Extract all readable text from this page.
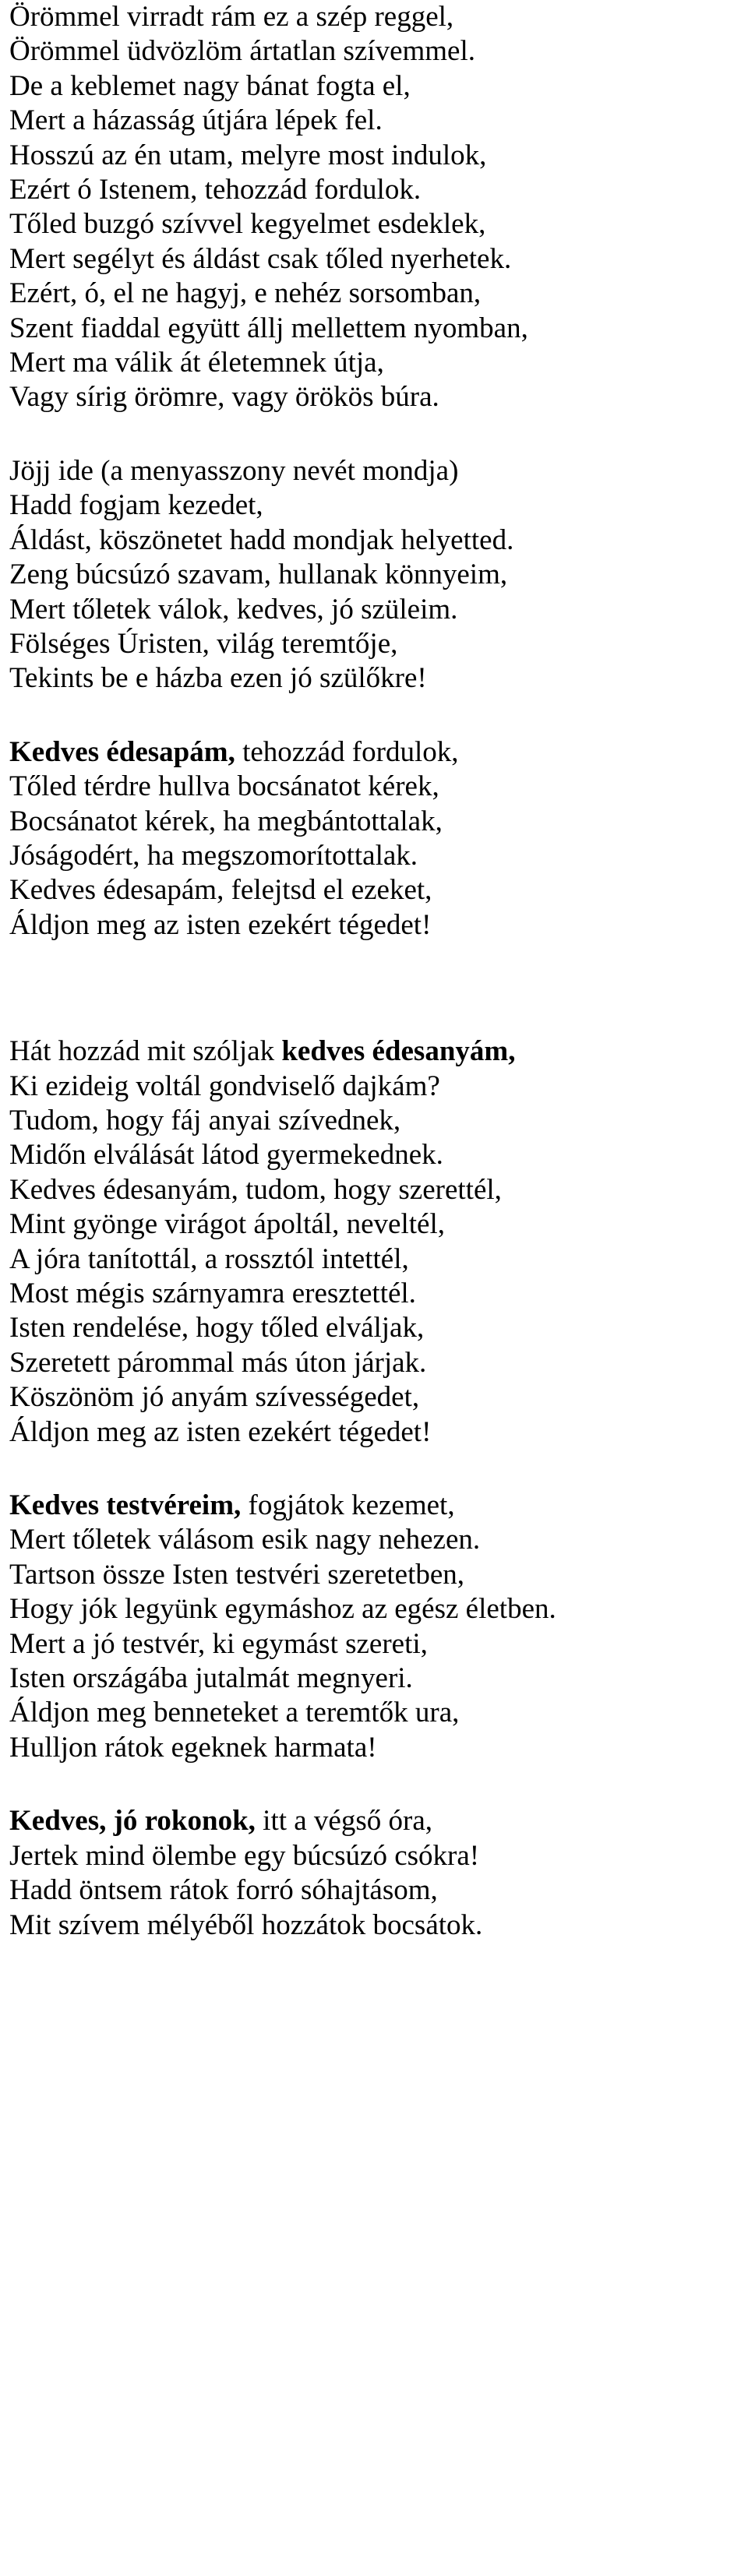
Örömmel virradt rám ez a szép reggel,
Örömmel üdvözlöm ártatlan szívemmel.
De a keblemet nagy bánat fogta el,
Mert a házasság útjára lépek fel.
Hosszú az én utam, melyre most indulok,
Ezért ó Istenem, tehozzád fordulok.
Tőled buzgó szívvel kegyelmet esdeklek,
Mert segélyt és áldást csak tőled nyerhetek.
Ezért, ó, el ne hagyj, e nehéz sorsomban,
Szent fiaddal együtt állj mellettem nyomban,
Mert ma válik át életemnek útja,
Vagy sírig örömre, vagy örökös búra.
Jöjj ide (a menyasszony nevét mondja)
Hadd fogjam kezedet,
Áldást, köszönetet hadd mondjak helyetted.
Zeng búcsúzó szavam, hullanak könnyeim,
Mert tőletek válok, kedves, jó szüleim.
Fölséges Úristen, világ teremtője,
Tekints be e házba ezen jó szülőkre!
Kedves édesapám, tehozzád fordulok,
Tőled térdre hullva bocsánatot kérek,
Bocsánatot kérek, ha megbántottalak,
Jóságodért, ha megszomorítottalak.
Kedves édesapám, felejtsd el ezeket,
Áldjon meg az isten ezekért tégedet!
Hát hozzád mit szóljak kedves édesanyám,
Ki ezideig voltál gondviselő dajkám?
Tudom, hogy fáj anyai szívednek,
Midőn elválását látod gyermekednek.
Kedves édesanyám, tudom, hogy szerettél,
Mint gyönge virágot ápoltál, neveltél,
A jóra tanítottál, a rossztól intettél,
Most mégis szárnyamra eresztettél.
Isten rendelése, hogy tőled elváljak,
Szeretett párommal más úton járjak.
Köszönöm jó anyám szívességedet,
Áldjon meg az isten ezekért tégedet!
Kedves testvéreim, fogjátok kezemet,
Mert tőletek válásom esik nagy nehezen.
Tartson össze Isten testvéri szeretetben,
Hogy jók legyünk egymáshoz az egész életben.
Mert a jó testvér, ki egymást szereti,
Isten országába jutalmát megnyeri.
Áldjon meg benneteket a teremtők ura,
Hulljon rátok egeknek harmata!
Kedves, jó rokonok, itt a végső óra,
Jertek mind ölembe egy búcsúzó csókra!
Hadd öntsem rátok forró sóhajtásom,
Mit szívem mélyéből hozzátok bocsátok.
